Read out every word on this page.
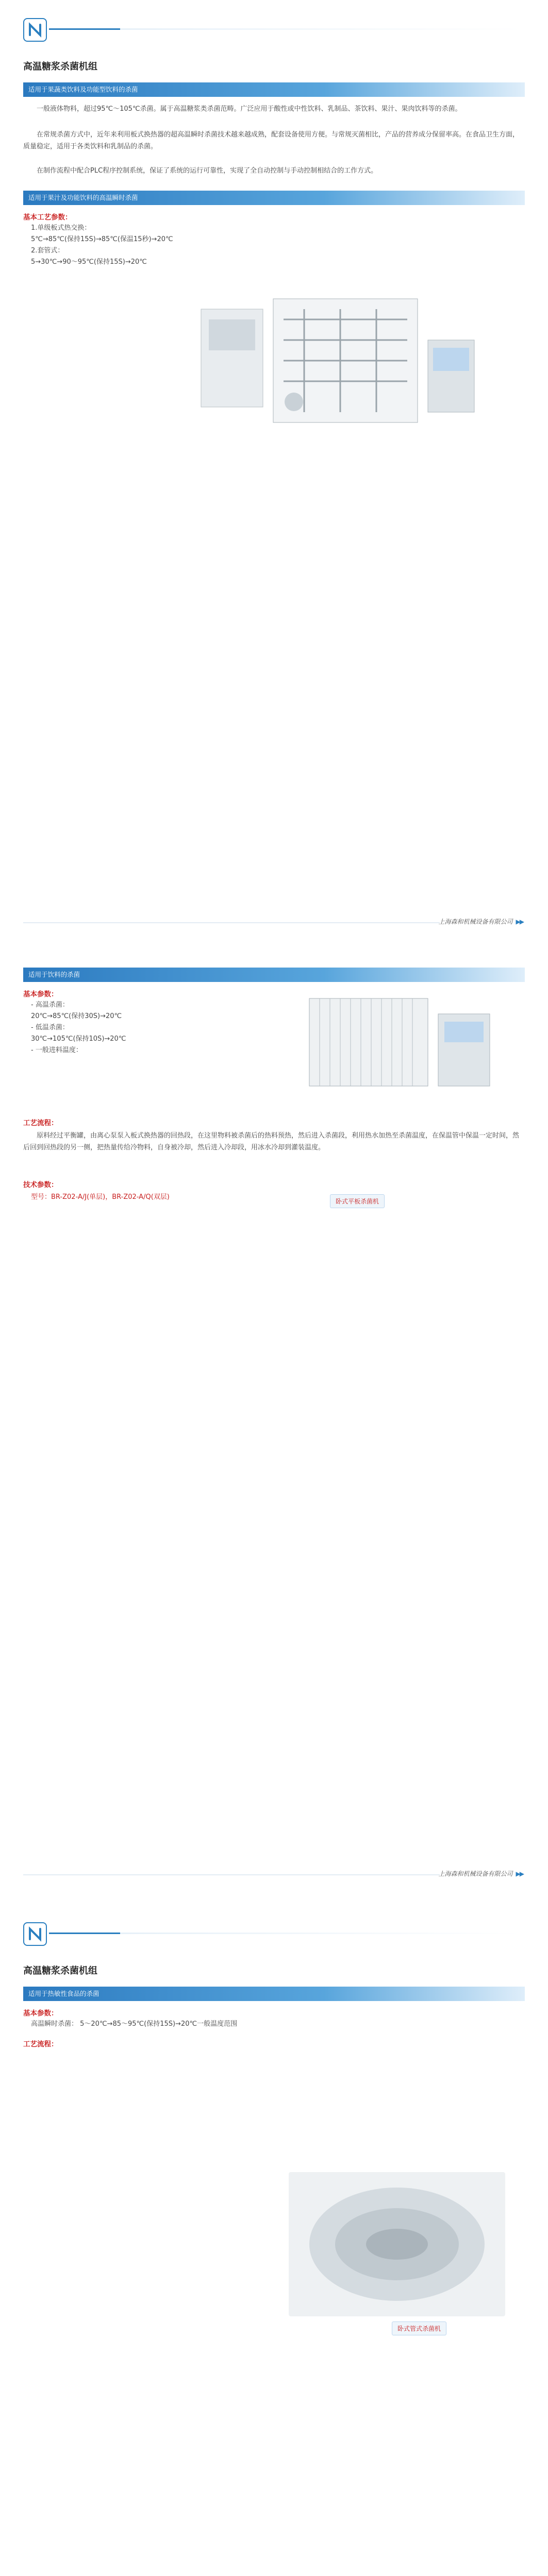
高温糖浆杀菌机组
适用于果蔬类饮料及功能型饮料的杀菌

一般液体物料，超过95℃～105℃杀菌。属于高温糖浆类杀菌范畴。广泛应用于酸性或中性饮料、乳制品、茶饮料、果汁、果肉饮料等的杀菌。

在常规杀菌方式中，近年来利用板式换热器的超高温瞬时杀菌技术越来越成熟，配套设备使用方便。与常规灭菌相比，产品的营养成分保留率高。在食品卫生方面，质量稳定，适用于各类饮料和乳制品的杀菌。

在制作流程中配合PLC程序控制系统，保证了系统的运行可靠性，实现了全自动控制与手动控制相结合的工作方式。

适用于果汁及功能饮料的高温瞬时杀菌
基本工艺参数：
1.单级板式热交换：
5℃→85℃(保持15S)→85℃(保温15秒)→20℃
2.套管式：
5→30℃→90～95℃(保持15S)→20℃
上海森和机械设备有限公司 ▶▶
适用于饮料的杀菌
基本参数：
- 高温杀菌：
20℃→85℃(保持30S)→20℃
- 低温杀菌：
30℃→105℃(保持10S)→20℃
- 一般进料温度：
工艺流程：

原料经过平衡罐，由离心泵泵入板式换热器的回热段，在这里物料被杀菌后的热料预热，然后进入杀菌段，利用热水加热至杀菌温度，在保温管中保温一定时间，然后回到回热段的另一侧，把热量传给冷物料，自身被冷却，然后进入冷却段，用冰水冷却到灌装温度。

技术参数：
型号：BR-Z02-A/J(单层)，BR-Z02-A/Q(双层)
卧式平板杀菌机
上海森和机械设备有限公司 ▶▶
高温糖浆杀菌机组
适用于热敏性食品的杀菌
基本参数：
高温瞬时杀菌： 5～20℃→85～95℃(保持15S)→20℃一般温度范围
工艺流程：
卧式管式杀菌机
